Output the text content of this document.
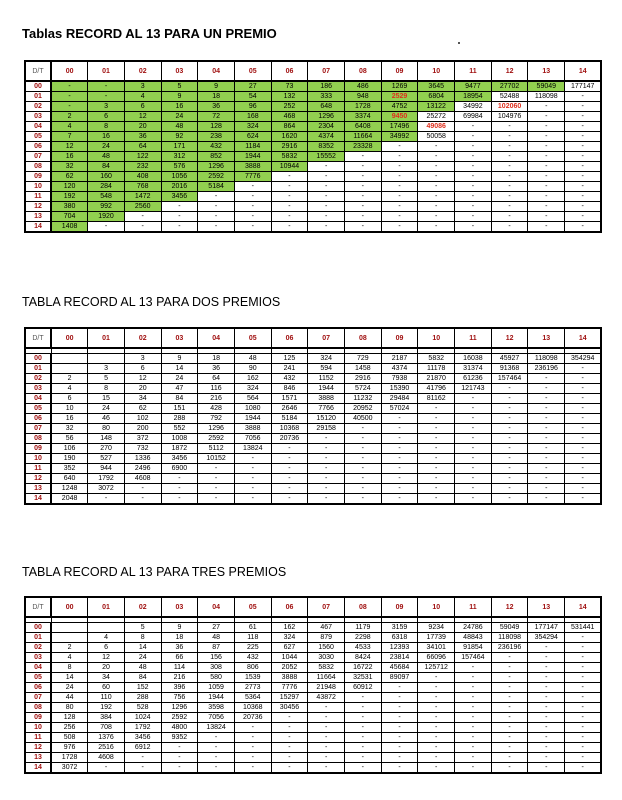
Tablas RECORD AL 13 PARA UN PREMIO
D/T	00	01	02	03	04	05	06	07	08	09	10	11	12	13	14
00	-	-	3	5	9	27	73	186	486	1269	3645	9477	27702	59049	177147
01	-	-	4	9	18	54	132	333	948	2529	6804	18954	52488	118098	-
02	-	3	6	16	36	96	252	648	1728	4752	13122	34992	102060	-	-
03	2	6	12	24	72	168	468	1296	3374	9450	25272	69984	104976	-	-
04	4	8	20	48	128	324	864	2304	6408	17496	49086	-	-	-	-
05	7	16	36	92	238	624	1620	4374	11664	34992	50058	-	-	-	-
06	12	24	64	171	432	1184	2916	8352	23328	-	-	-	-	-	-
07	16	48	122	312	852	1944	5832	15552	-	-	-	-	-	-	-
08	32	84	232	576	1296	3888	10944	-	-	-	-	-	-	-	-
09	62	160	408	1056	2592	7776	-	-	-	-	-	-	-	-	-
10	120	284	768	2016	5184	-	-	-	-	-	-	-	-	-	-
11	192	548	1472	3456	-	-	-	-	-	-	-	-	-	-	-
12	380	992	2560	-	-	-	-	-	-	-	-	-	-	-	-
13	704	1920	-	-	-	-	-	-	-	-	-	-	-	-	-
14	1408	-	-	-	-	-	-	-	-	-	-	-	-	-	-
TABLA RECORD AL 13 PARA DOS PREMIOS
D/T	00	01	02	03	04	05	06	07	08	09	10	11	12	13	14

00			3	9	18	48	125	324	729	2187	5832	16038	45927	118098	354294
01		3	6	14	36	90	241	594	1458	4374	11178	31374	91368	236196	-
02	2	5	12	24	64	162	432	1152	2916	7938	21870	61236	157464	-	-
03	4	8	20	47	116	324	846	1944	5724	15390	41796	121743	-	-	-
04	6	15	34	84	216	564	1571	3888	11232	29484	81162	-	-	-	-
05	10	24	62	151	428	1080	2646	7766	20952	57024	-	-	-	-	-
06	16	46	102	288	792	1944	5184	15120	40500	-	-	-	-	-	-
07	32	80	200	552	1296	3888	10368	29158	-	-	-	-	-	-	-
08	56	148	372	1008	2592	7056	20736	-	-	-	-	-	-	-	-
09	106	270	732	1872	5112	13824	-	-	-	-	-	-	-	-	-
10	190	527	1336	3456	10152	-	-	-	-	-	-	-	-	-	-
11	352	944	2496	6900	-	-	-	-	-	-	-	-	-	-	-
12	640	1792	4608	-	-	-	-	-	-	-	-	-	-	-	-
13	1248	3072	-	-	-	-	-	-	-	-	-	-	-	-	-
14	2048	-	-	-	-	-	-	-	-	-	-	-	-	-	-
TABLA RECORD AL 13 PARA TRES PREMIOS
D/T	00	01	02	03	04	05	06	07	08	09	10	11	12	13	14

00			5	9	27	61	162	467	1179	3159	9234	24786	59049	177147	531441
01		4	8	18	48	118	324	879	2298	6318	17739	48843	118098	354294	-
02	2	6	14	36	87	225	627	1560	4533	12393	34101	91854	236196	-	-
03	4	12	24	66	156	432	1044	3030	8424	23814	66096	157464	-	-	-
04	8	20	48	114	308	806	2052	5832	16722	45684	125712	-	-	-	-
05	14	34	84	216	580	1539	3888	11664	32531	89097	-	-	-	-	-
06	24	60	152	396	1059	2773	7776	21948	60912	-	-	-	-	-	-
07	44	110	288	756	1944	5364	15297	43872	-	-	-	-	-	-	-
08	80	192	528	1296	3598	10368	30456	-	-	-	-	-	-	-	-
09	128	384	1024	2592	7056	20736	-	-	-	-	-	-	-	-	-
10	256	708	1792	4800	13824	-	-	-	-	-	-	-	-	-	-
11	508	1376	3456	9352	-	-	-	-	-	-	-	-	-	-	-
12	976	2516	6912	-	-	-	-	-	-	-	-	-	-	-	-
13	1728	4608	-	-	-	-	-	-	-	-	-	-	-	-	-
14	3072	-	-	-	-	-	-	-	-	-	-	-	-	-	-
